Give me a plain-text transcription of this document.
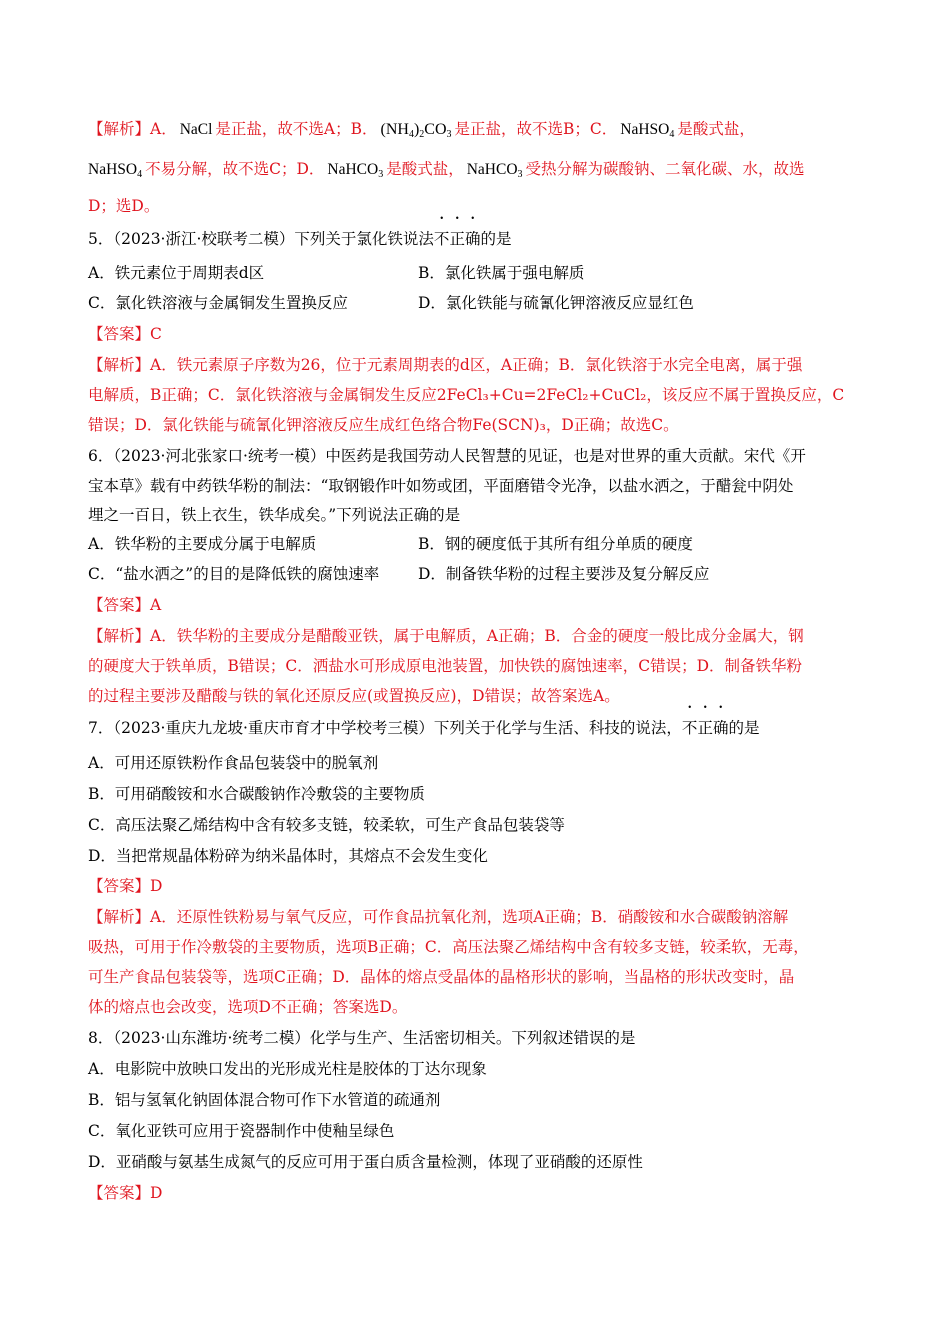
【解析】A． NaCl 是正盐，故不选A；B． $(NH_4)_2CO_3$ 是正盐，故不选B；C． NaHSO$_4$ 是酸式盐，
NaHSO$_4$ 不易分解，故不选C；D． NaHCO$_3$ 是酸式盐， NaHCO$_3$ 受热分解为碳酸钠、二氧化碳、水，故选
D；选D。
5．（2023·浙江·校联考二模）下列关于氯化铁说法不正确的是
A．铁元素位于周期表d区	B．氯化铁属于强电解质
C．氯化铁溶液与金属铜发生置换反应	D．氯化铁能与硫氰化钾溶液反应显红色
【答案】C
【解析】A．铁元素原子序数为26，位于元素周期表的d区，A正确；B．氯化铁溶于水完全电离，属于强
电解质，B正确；C．氯化铁溶液与金属铜发生反应2FeCl₃+Cu=2FeCl₂+CuCl₂，该反应不属于置换反应，C
错误；D．氯化铁能与硫氰化钾溶液反应生成红色络合物Fe(SCN)₃，D正确；故选C。
6．（2023·河北张家口·统考一模）中医药是我国劳动人民智慧的见证，也是对世界的重大贡献。宋代《开
宝本草》载有中药铁华粉的制法：“取钢锻作叶如笏或团，平面磨错令光净，以盐水洒之，于醋瓮中阴处
埋之一百日，铁上衣生，铁华成矣。”下列说法正确的是
A．铁华粉的主要成分属于电解质	B．钢的硬度低于其所有组分单质的硬度
C．“盐水洒之”的目的是降低铁的腐蚀速率	D．制备铁华粉的过程主要涉及复分解反应
【答案】A
【解析】A．铁华粉的主要成分是醋酸亚铁，属于电解质，A正确；B．合金的硬度一般比成分金属大，钢
的硬度大于铁单质，B错误；C．洒盐水可形成原电池装置，加快铁的腐蚀速率，C错误；D．制备铁华粉
的过程主要涉及醋酸与铁的氧化还原反应(或置换反应)，D错误；故答案选A。
7．（2023·重庆九龙坡·重庆市育才中学校考三模）下列关于化学与生活、科技的说法，不正确的是
A．可用还原铁粉作食品包装袋中的脱氧剂
B．可用硝酸铵和水合碳酸钠作冷敷袋的主要物质
C．高压法聚乙烯结构中含有较多支链，较柔软，可生产食品包装袋等
D．当把常规晶体粉碎为纳米晶体时，其熔点不会发生变化
【答案】D
【解析】A．还原性铁粉易与氧气反应，可作食品抗氧化剂，选项A正确；B．硝酸铵和水合碳酸钠溶解
吸热，可用于作冷敷袋的主要物质，选项B正确；C．高压法聚乙烯结构中含有较多支链，较柔软，无毒，
可生产食品包装袋等，选项C正确；D．晶体的熔点受晶体的晶格形状的影响，当晶格的形状改变时，晶
体的熔点也会改变，选项D不正确；答案选D。
8．（2023·山东潍坊·统考二模）化学与生产、生活密切相关。下列叙述错误的是
A．电影院中放映口发出的光形成光柱是胶体的丁达尔现象
B．铝与氢氧化钠固体混合物可作下水管道的疏通剂
C．氧化亚铁可应用于瓷器制作中使釉呈绿色
D．亚硝酸与氨基生成氮气的反应可用于蛋白质含量检测，体现了亚硝酸的还原性
【答案】D
